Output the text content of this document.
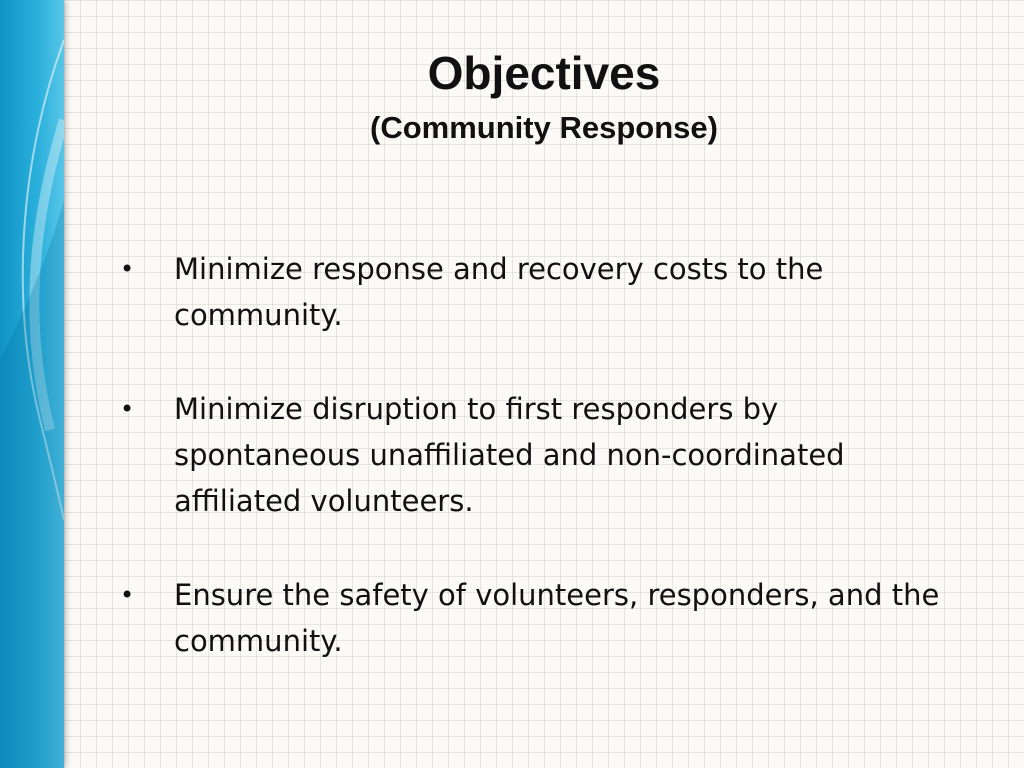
Objectives
(Community Response)
• Minimize response and recovery costs to the community.
• Minimize disruption to first responders by spontaneous unaffiliated and non-coordinated affiliated volunteers.
• Ensure the safety of volunteers, responders, and the community.
